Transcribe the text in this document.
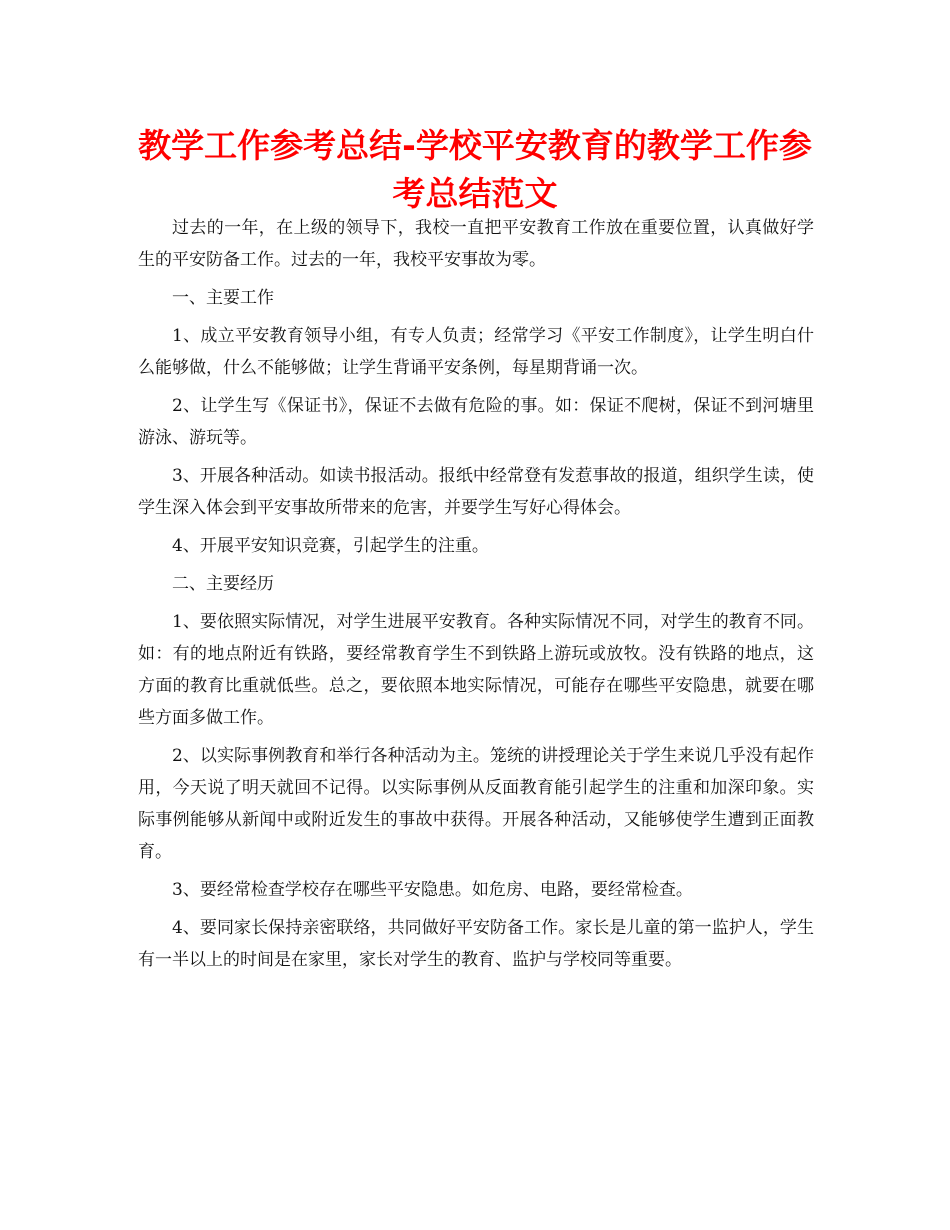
教学工作参考总结-学校平安教育的教学工作参考总结范文

过去的一年，在上级的领导下，我校一直把平安教育工作放在重要位置，认真做好学生的平安防备工作。过去的一年，我校平安事故为零。

一、主要工作

1、成立平安教育领导小组，有专人负责；经常学习《平安工作制度》，让学生明白什么能够做，什么不能够做；让学生背诵平安条例，每星期背诵一次。

2、让学生写《保证书》，保证不去做有危险的事。如：保证不爬树，保证不到河塘里游泳、游玩等。

3、开展各种活动。如读书报活动。报纸中经常登有发惹事故的报道，组织学生读，使学生深入体会到平安事故所带来的危害，并要学生写好心得体会。

4、开展平安知识竞赛，引起学生的注重。

二、主要经历

1、要依照实际情况，对学生进展平安教育。各种实际情况不同，对学生的教育不同。如：有的地点附近有铁路，要经常教育学生不到铁路上游玩或放牧。没有铁路的地点，这方面的教育比重就低些。总之，要依照本地实际情况，可能存在哪些平安隐患，就要在哪些方面多做工作。

2、以实际事例教育和举行各种活动为主。笼统的讲授理论关于学生来说几乎没有起作用，今天说了明天就回不记得。以实际事例从反面教育能引起学生的注重和加深印象。实际事例能够从新闻中或附近发生的事故中获得。开展各种活动，又能够使学生遭到正面教育。

3、要经常检查学校存在哪些平安隐患。如危房、电路，要经常检查。

4、要同家长保持亲密联络，共同做好平安防备工作。家长是儿童的第一监护人，学生有一半以上的时间是在家里，家长对学生的教育、监护与学校同等重要。
